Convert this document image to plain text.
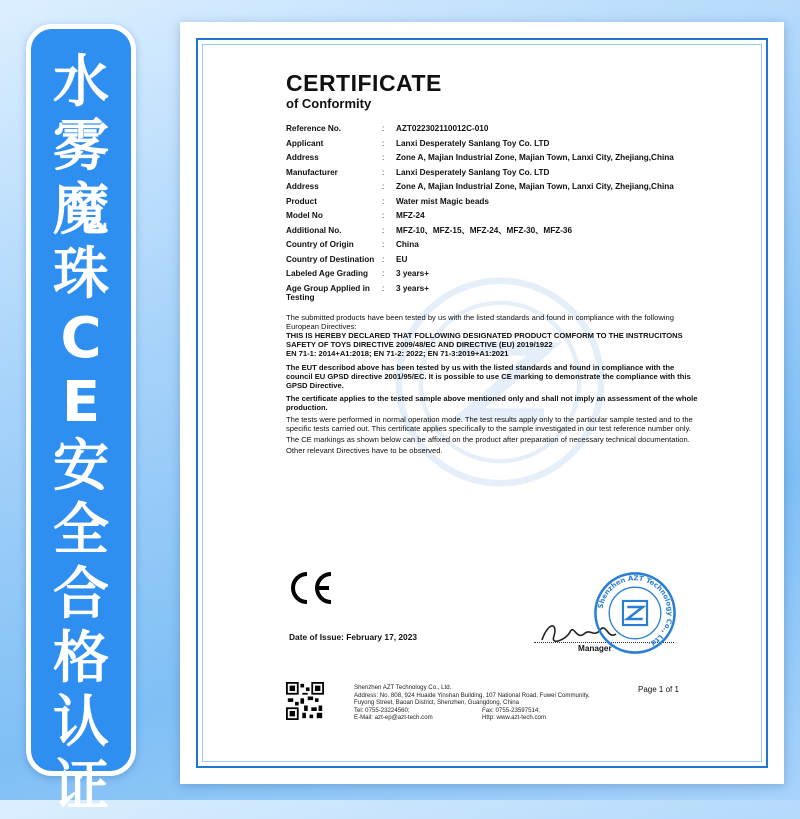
水
雾
魔
珠
C
E
安
全
合
格
认
证
CERTIFICATE
of Conformity
Reference No.	:	AZT022302110012C-010
Applicant	:	Lanxi Desperately Sanlang Toy Co. LTD
Address	:	Zone A, Majian Industrial Zone, Majian Town, Lanxi City, Zhejiang,China
Manufacturer	:	Lanxi Desperately Sanlang Toy Co. LTD
Address	:	Zone A, Majian Industrial Zone, Majian Town, Lanxi City, Zhejiang,China
Product	:	Water mist Magic beads
Model No	:	MFZ-24
Additional No.	:	MFZ-10、MFZ-15、MFZ-24、MFZ-30、MFZ-36
Country of Origin	:	China
Country of Destination :	EU
Labeled Age Grading	:	3 years+
Age Group Applied in Testing
:	3 years+

The submitted products have been tested by us with the listed standards and found in compliance with the following European Directives:

THIS IS HEREBY DECLARED THAT FOLLOWING DESIGNATED PRODUCT COMFORM TO THE INSTRUCITONS SAFETY OF TOYS DIRECTIVE 2009/48/EC AND DIRECTIVE (EU) 2019/1922

EN 71-1: 2014+A1:2018; EN 71-2: 2022; EN 71-3:2019+A1:2021

The EUT describod above has been tested by us with the listed standards and found in compliance with the council EU GPSD directive 2001/95/EC. It is possible to use CE marking to demonstrate the compliance with this GPSD Directive.

The certificate applies to the tested sample above mentioned only and shall not imply an assessment of the whole production.

The tests were performed in normal operation mode. The test results apply only to the particular sample tested and to the specific tests carried out. This certificate applies specifically to the sample investigated in our test reference number only.

The CE markings as shown below can be affixed on the product after preparation of necessary technical documentation.

Other relevant Directives have to be observed.

Date of Issue: February 17, 2023
Shenzhen AZT Technology Co., Ltd.
Manager
Shenzhen AZT Technology Co., Ltd.
Address: No. 808, 924 Huaide Yinshan Building, 107 National Road, Fuwei Community,
Fuyong Street, Baoan District, Shenzhen, Guangdong, China
Tel: 0755-23224560;	Fax: 0755-23597514;
E-Mail: azt-ep@azt-tech.com	Http: www.azt-tech.com
Page 1 of 1
